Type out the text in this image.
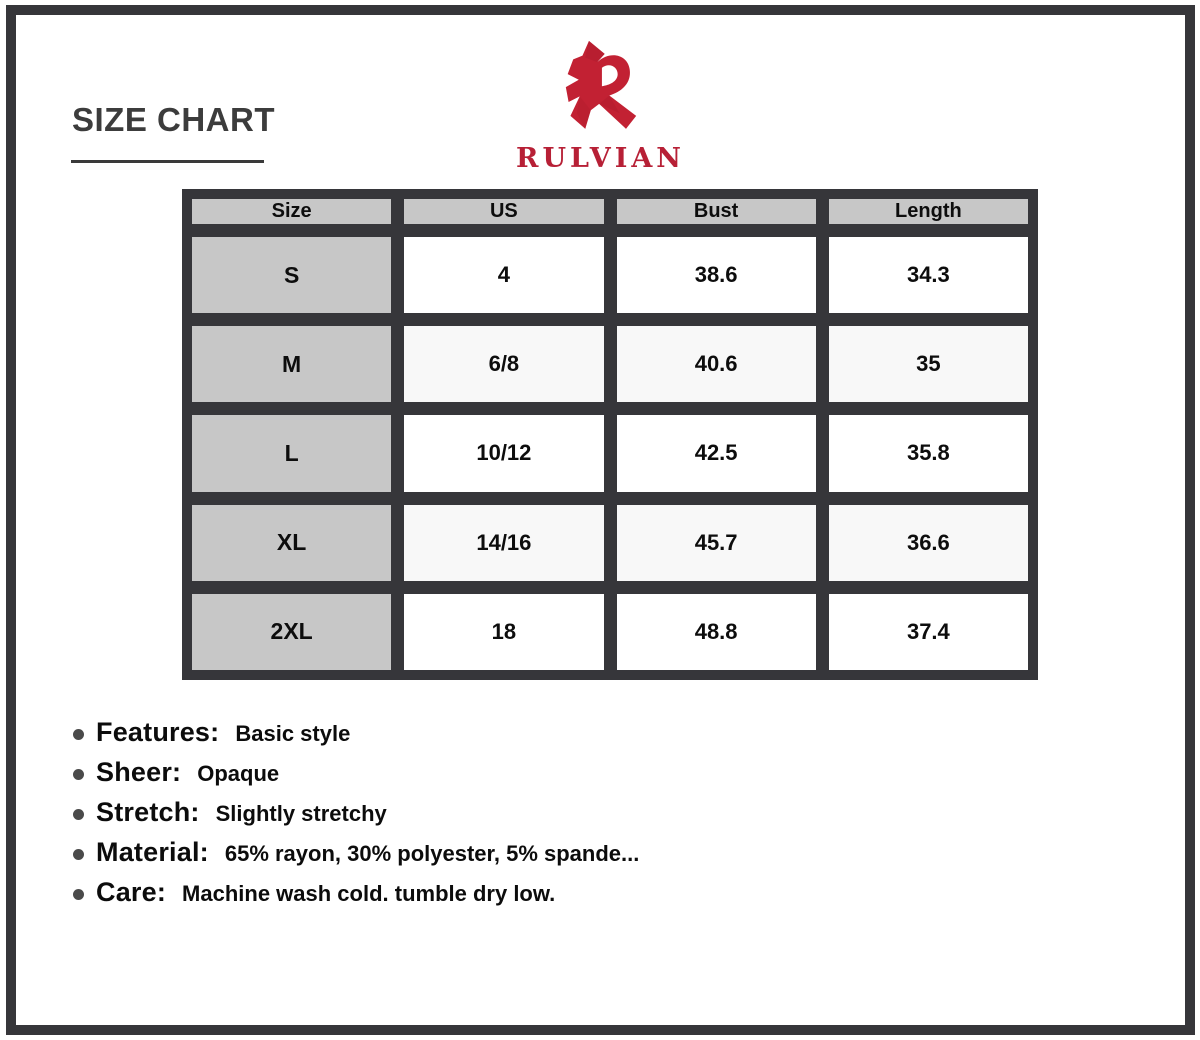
SIZE CHART
RULVIAN
Size	US	Bust	Length
S	4	38.6	34.3
M	6/8	40.6	35
L	10/12	42.5	35.8
XL	14/16	45.7	36.6
2XL	18	48.8	37.4
Features: Basic style
Sheer: Opaque
Stretch: Slightly stretchy
Material: 65% rayon, 30% polyester, 5% spande...
Care: Machine wash cold. tumble dry low.
